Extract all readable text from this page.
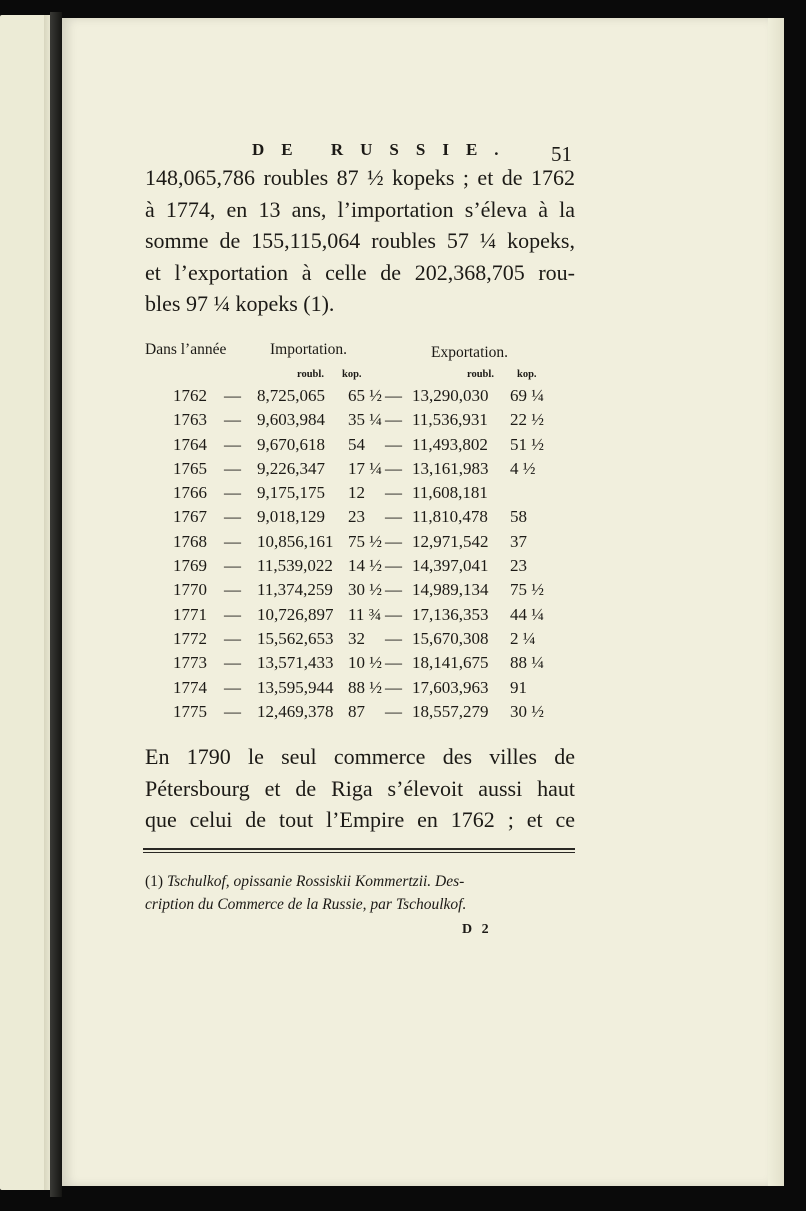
DE RUSSIE. 51
148,065,786 roubles 87 ½ kopeks ; et de 1762
à 1774, en 13 ans, l’importation s’éleva à la
somme de 155,115,064 roubles 57 ¼ kopeks,
et l’exportation à celle de 202,368,705 rou-
bles 97 ¼ kopeks (1).
Dans l’année	Importation.	Exportation.
roubl. kop.	roubl. kop.
1762	— 8,725,065 65 ½ — 13,290,030 69 ¼
1763	— 9,603,984 35 ¼ — 11,536,931 22 ½
1764	— 9,670,618 54 — 11,493,802 51 ½
1765	— 9,226,347 17 ¼ — 13,161,983 4 ½
1766	— 9,175,175 12 — 11,608,181
1767	— 9,018,129 23 — 11,810,478 58
1768	— 10,856,161 75 ½ — 12,971,542 37
1769	— 11,539,022 14 ½ — 14,397,041 23
1770	— 11,374,259 30 ½ — 14,989,134 75 ½
1771	— 10,726,897 11 ¾ — 17,136,353 44 ¼
1772	— 15,562,653 32 — 15,670,308 2 ¼
1773	— 13,571,433 10 ½ — 18,141,675 88 ¼
1774	— 13,595,944 88 ½ — 17,603,963 91
1775	— 12,469,378 87 — 18,557,279 30 ½
En 1790 le seul commerce des villes de
Pétersbourg et de Riga s’élevoit aussi haut
que celui de tout l’Empire en 1762 ; et ce
(1) Tschulkof, opissanie Rossiskii Kommertzii. Des-
cription du Commerce de la Russie, par Tschoulkof.
D 2
